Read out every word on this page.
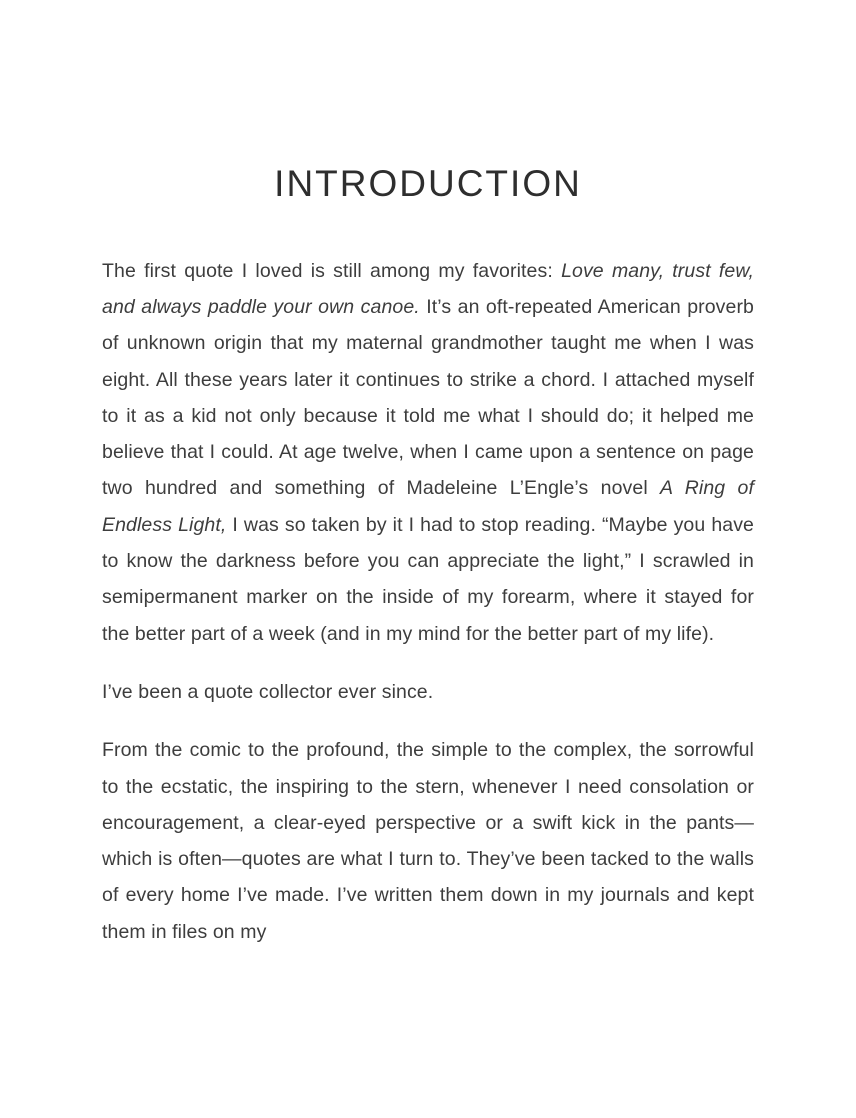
INTRODUCTION

The first quote I loved is still among my favorites: Love many, trust few, and always paddle your own canoe. It’s an oft-repeated American proverb of unknown origin that my maternal grandmother taught me when I was eight. All these years later it continues to strike a chord. I attached myself to it as a kid not only because it told me what I should do; it helped me believe that I could. At age twelve, when I came upon a sentence on page two hundred and something of Madeleine L’Engle’s novel A Ring of Endless Light, I was so taken by it I had to stop reading. “Maybe you have to know the darkness before you can appreciate the light,” I scrawled in semipermanent marker on the inside of my forearm, where it stayed for the better part of a week (and in my mind for the better part of my life).

I’ve been a quote collector ever since.

From the comic to the profound, the simple to the complex, the sorrowful to the ecstatic, the inspiring to the stern, whenever I need consolation or encouragement, a clear-eyed perspective or a swift kick in the pants—which is often—quotes are what I turn to. They’ve been tacked to the walls of every home I’ve made. I’ve written them down in my journals and kept them in files on my
